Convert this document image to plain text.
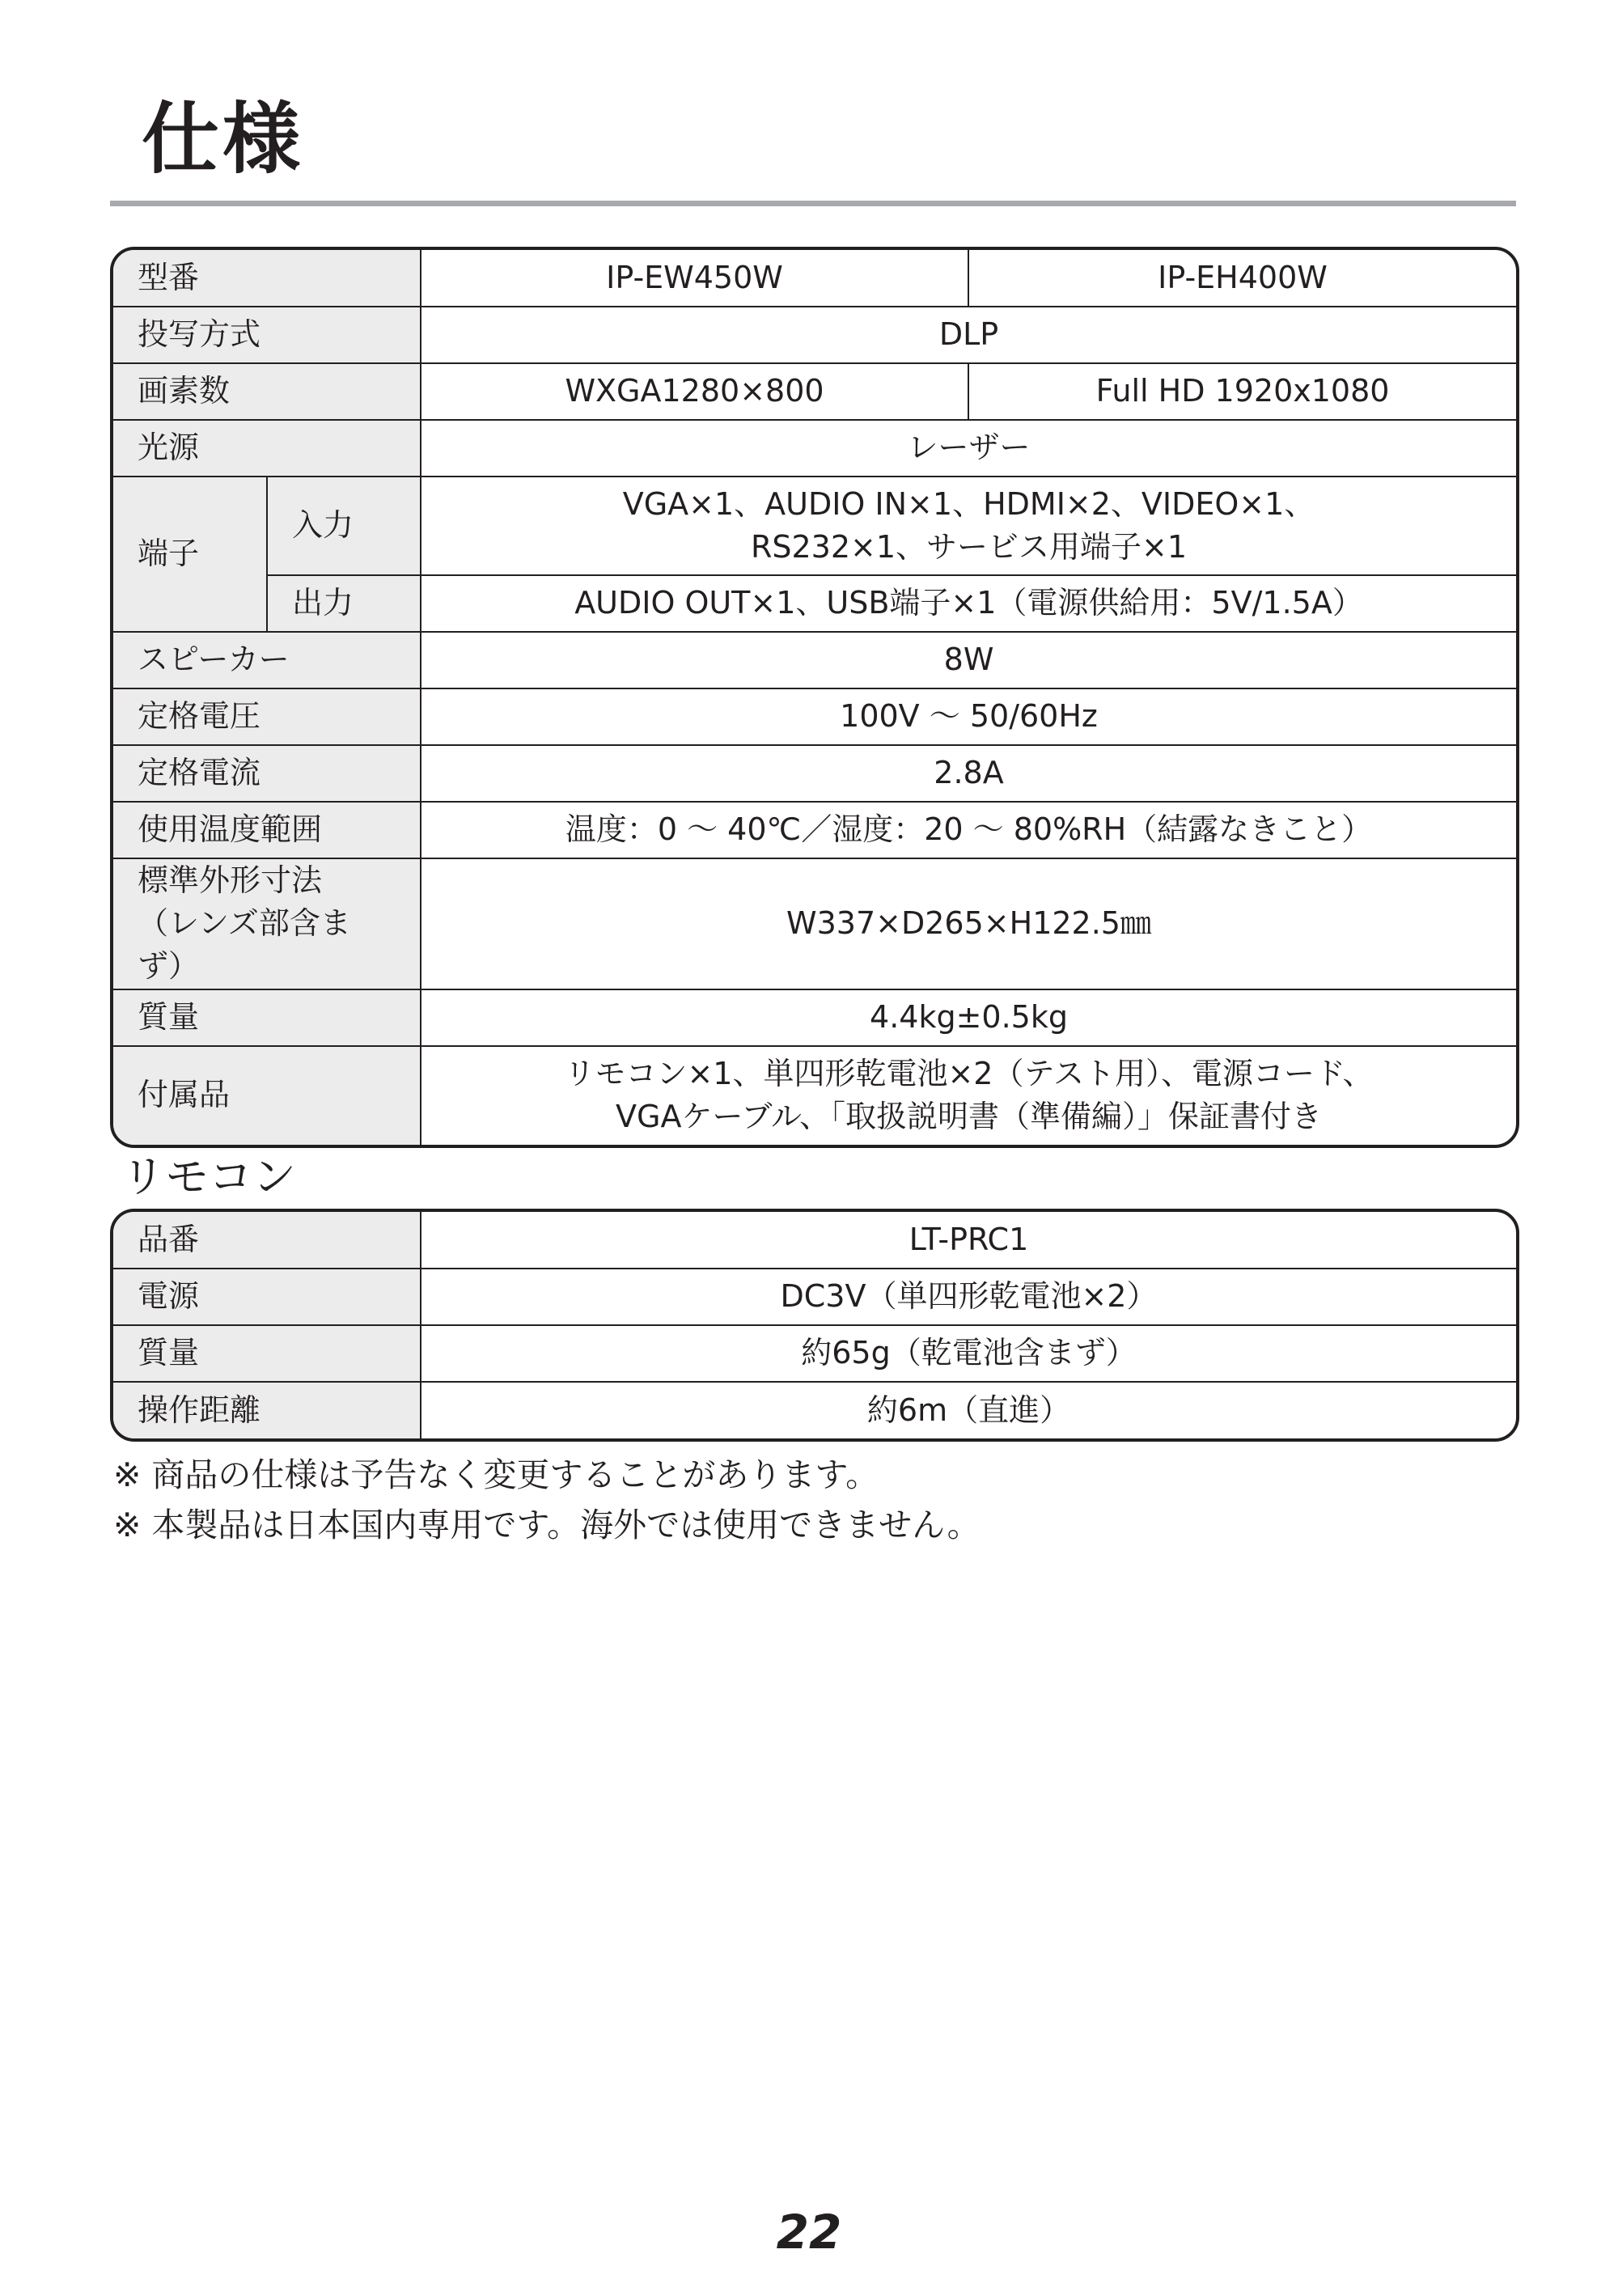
仕様
型番		IP-EW450W	IP-EH400W
投写方式		DLP	
画素数		WXGA1280×800	Full HD 1920x1080
光源		レーザー	
端子	入力	VGA×1、AUDIO IN×1、HDMI×2、VIDEO×1、
RS232×1、サービス用端子×1	

	出力	AUDIO OUT×1、USB端子×1（電源供給用：5V/1.5A）	
スピーカー		8W	
定格電圧		100V ～ 50/60Hz	
定格電流		2.8A	
使用温度範囲		温度：0 ～ 40℃／湿度：20 ～ 80%RH（結露なきこと）	

標準外形寸法
（レンズ部含まず）		W337×D265×H122.5㎜	
質量		4.4kg±0.5kg	
付属品		リモコン×1、単四形乾電池×2（テスト用）、電源コード、
VGAケーブル、「取扱説明書（準備編）」保証書付き	
リモコン
品番	LT-PRC1
電源	DC3V（単四形乾電池×2）
質量	約65g（乾電池含まず）
操作距離	約6m（直進）
※ 商品の仕様は予告なく変更することがあります。
※ 本製品は日本国内専用です。海外では使用できません。
22
